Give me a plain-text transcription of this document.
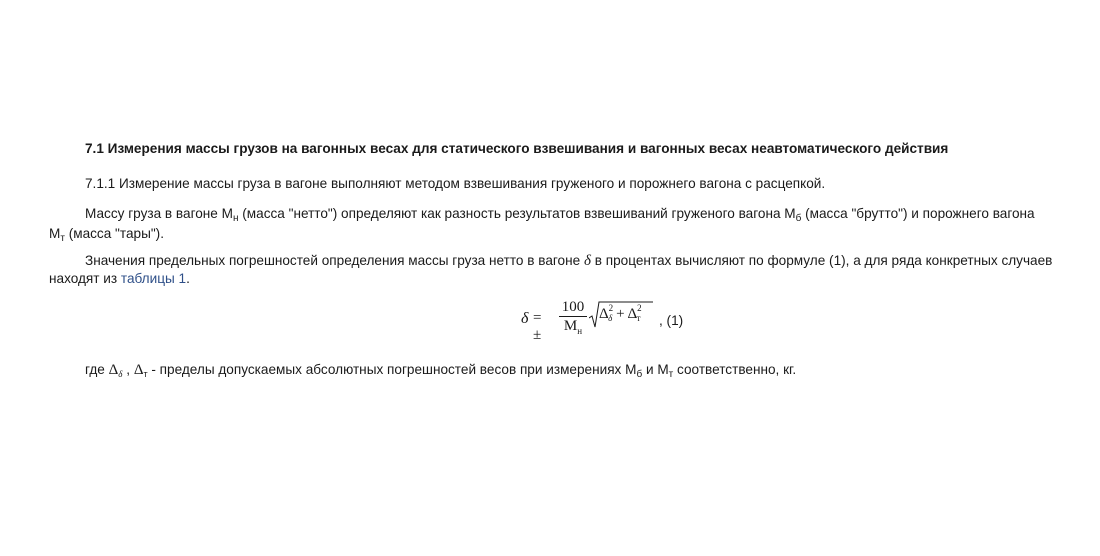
7.1 Измерения массы грузов на вагонных весах для статического взвешивания и вагонных весах неавтоматического действия

7.1.1 Измерение массы груза в вагоне выполняют методом взвешивания груженого и порожнего вагона с расцепкой.

Массу груза в вагоне $М_н$ (масса "нетто") определяют как разность результатов взвешиваний груженого вагона $М_б$ (масса "брутто") и порожнего вагона $М_т$ (масса "тары").

Значения предельных погрешностей определения массы груза нетто в вагоне δ в процентах вычисляют по формуле (1), а для ряда конкретных случаев находят из таблицы 1.

δ = ±
100
$М_н$
$\Delta^2_\delta + \Delta^2_т$ , (1)

где $\Delta_\delta$ , $\Delta_т$ - пределы допускаемых абсолютных погрешностей весов при измерениях $М_б$ и $М_т$ соответственно, кг.
